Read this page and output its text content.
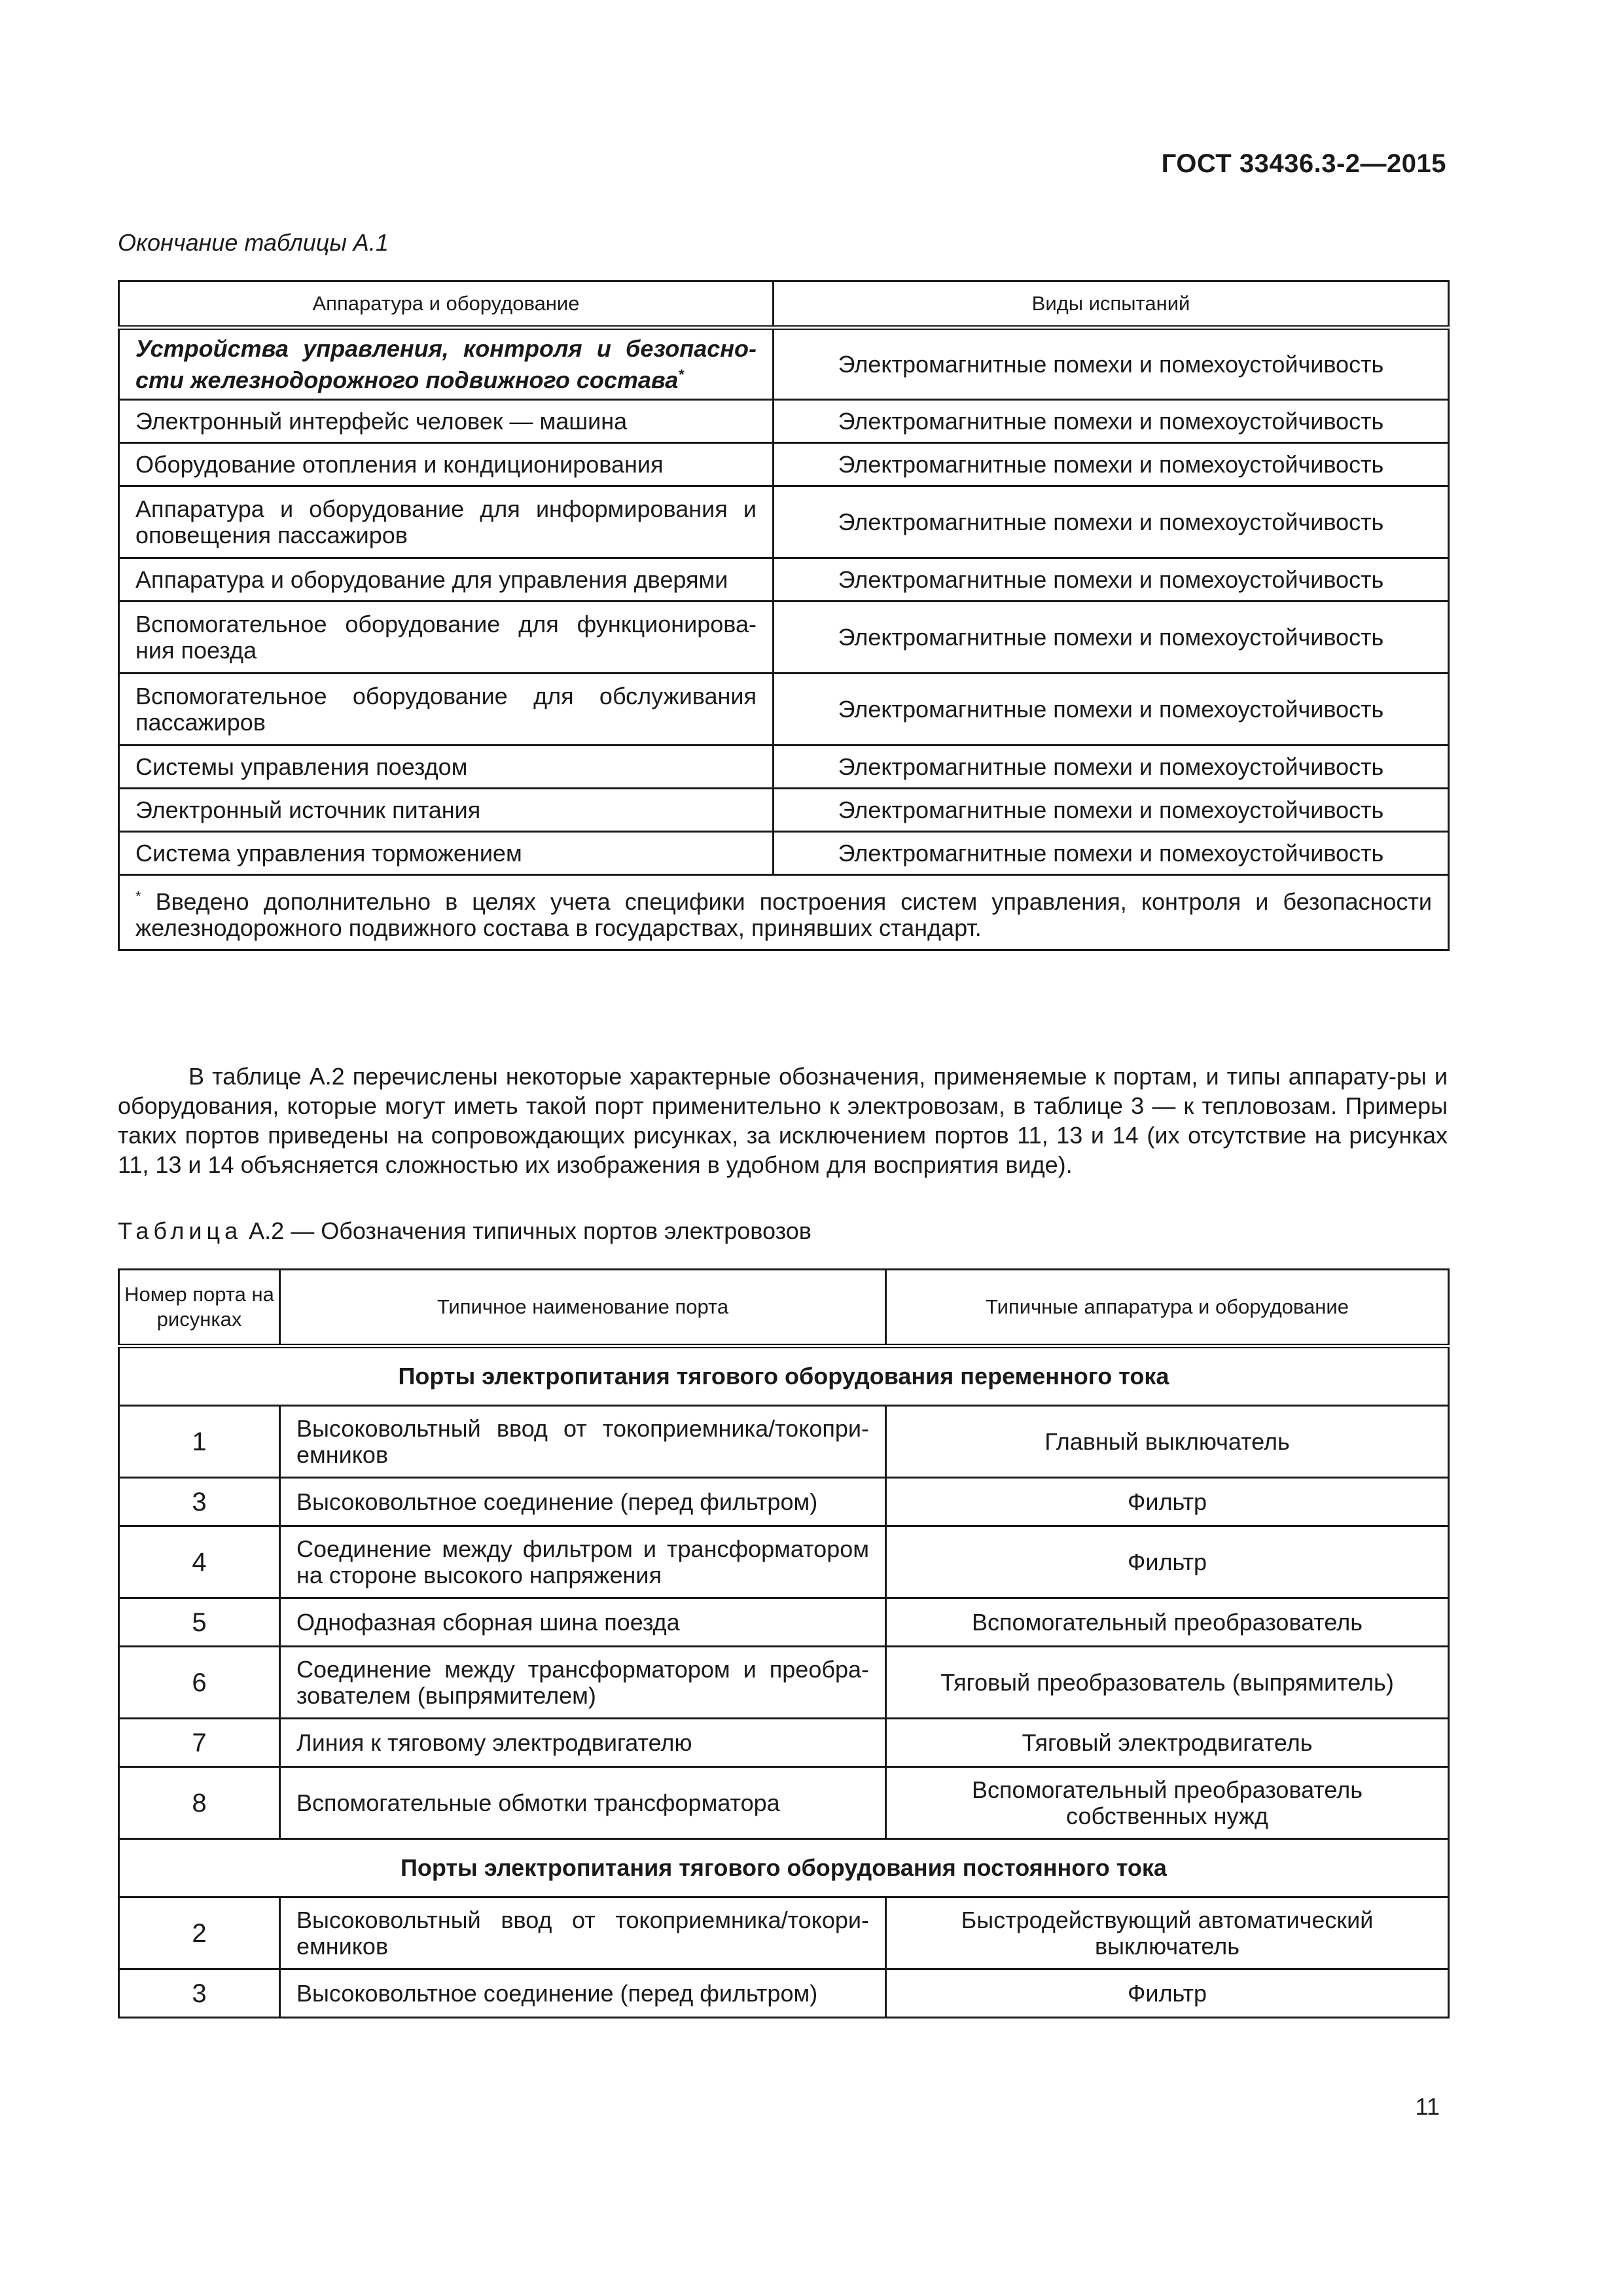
ГОСТ 33436.3-2—2015
Окончание таблицы А.1
Аппаратура и оборудование	Виды испытаний
Устройства управления, контроля и безопасно-сти железнодорожного подвижного состава*	Электромагнитные помехи и помехоустойчивость
Электронный интерфейс человек — машина	Электромагнитные помехи и помехоустойчивость
Оборудование отопления и кондиционирования	Электромагнитные помехи и помехоустойчивость
Аппаратура и оборудование для информирования и оповещения пассажиров	Электромагнитные помехи и помехоустойчивость
Аппаратура и оборудование для управления дверями	Электромагнитные помехи и помехоустойчивость
Вспомогательное оборудование для функционирова-ния поезда	Электромагнитные помехи и помехоустойчивость
Вспомогательное оборудование для обслуживания пассажиров	Электромагнитные помехи и помехоустойчивость
Системы управления поездом	Электромагнитные помехи и помехоустойчивость
Электронный источник питания	Электромагнитные помехи и помехоустойчивость
Система управления торможением	Электромагнитные помехи и помехоустойчивость
* Введено дополнительно в целях учета специфики построения систем управления, контроля и безопасности железнодорожного подвижного состава в государствах, принявших стандарт.	
В таблице А.2 перечислены некоторые характерные обозначения, применяемые к портам, и типы аппарату-ры и оборудования, которые могут иметь такой порт применительно к электровозам, в таблице 3 — к тепловозам. Примеры таких портов приведены на сопровождающих рисунках, за исключением портов 11, 13 и 14 (их отсутствие на рисунках 11, 13 и 14 объясняется сложностью их изображения в удобном для восприятия виде).
Таблица А.2 — Обозначения типичных портов электровозов
Номер порта на рисунках	Типичное наименование порта	Типичные аппаратура и оборудование
Порты электропитания тягового оборудования переменного тока		
1	Высоковольтный ввод от токоприемника/токопри-емников	Главный выключатель
3	Высоковольтное соединение (перед фильтром)	Фильтр
4	Соединение между фильтром и трансформатором на стороне высокого напряжения	Фильтр
5	Однофазная сборная шина поезда	Вспомогательный преобразователь
6	Соединение между трансформатором и преобра-зователем (выпрямителем)	Тяговый преобразователь (выпрямитель)
7	Линия к тяговому электродвигателю	Тяговый электродвигатель
8	Вспомогательные обмотки трансформатора	Вспомогательный преобразователь собственных нужд
Порты электропитания тягового оборудования постоянного тока		
2	Высоковольтный ввод от токоприемника/токори-емников	Быстродействующий автоматический выключатель
3	Высоковольтное соединение (перед фильтром)	Фильтр
11
